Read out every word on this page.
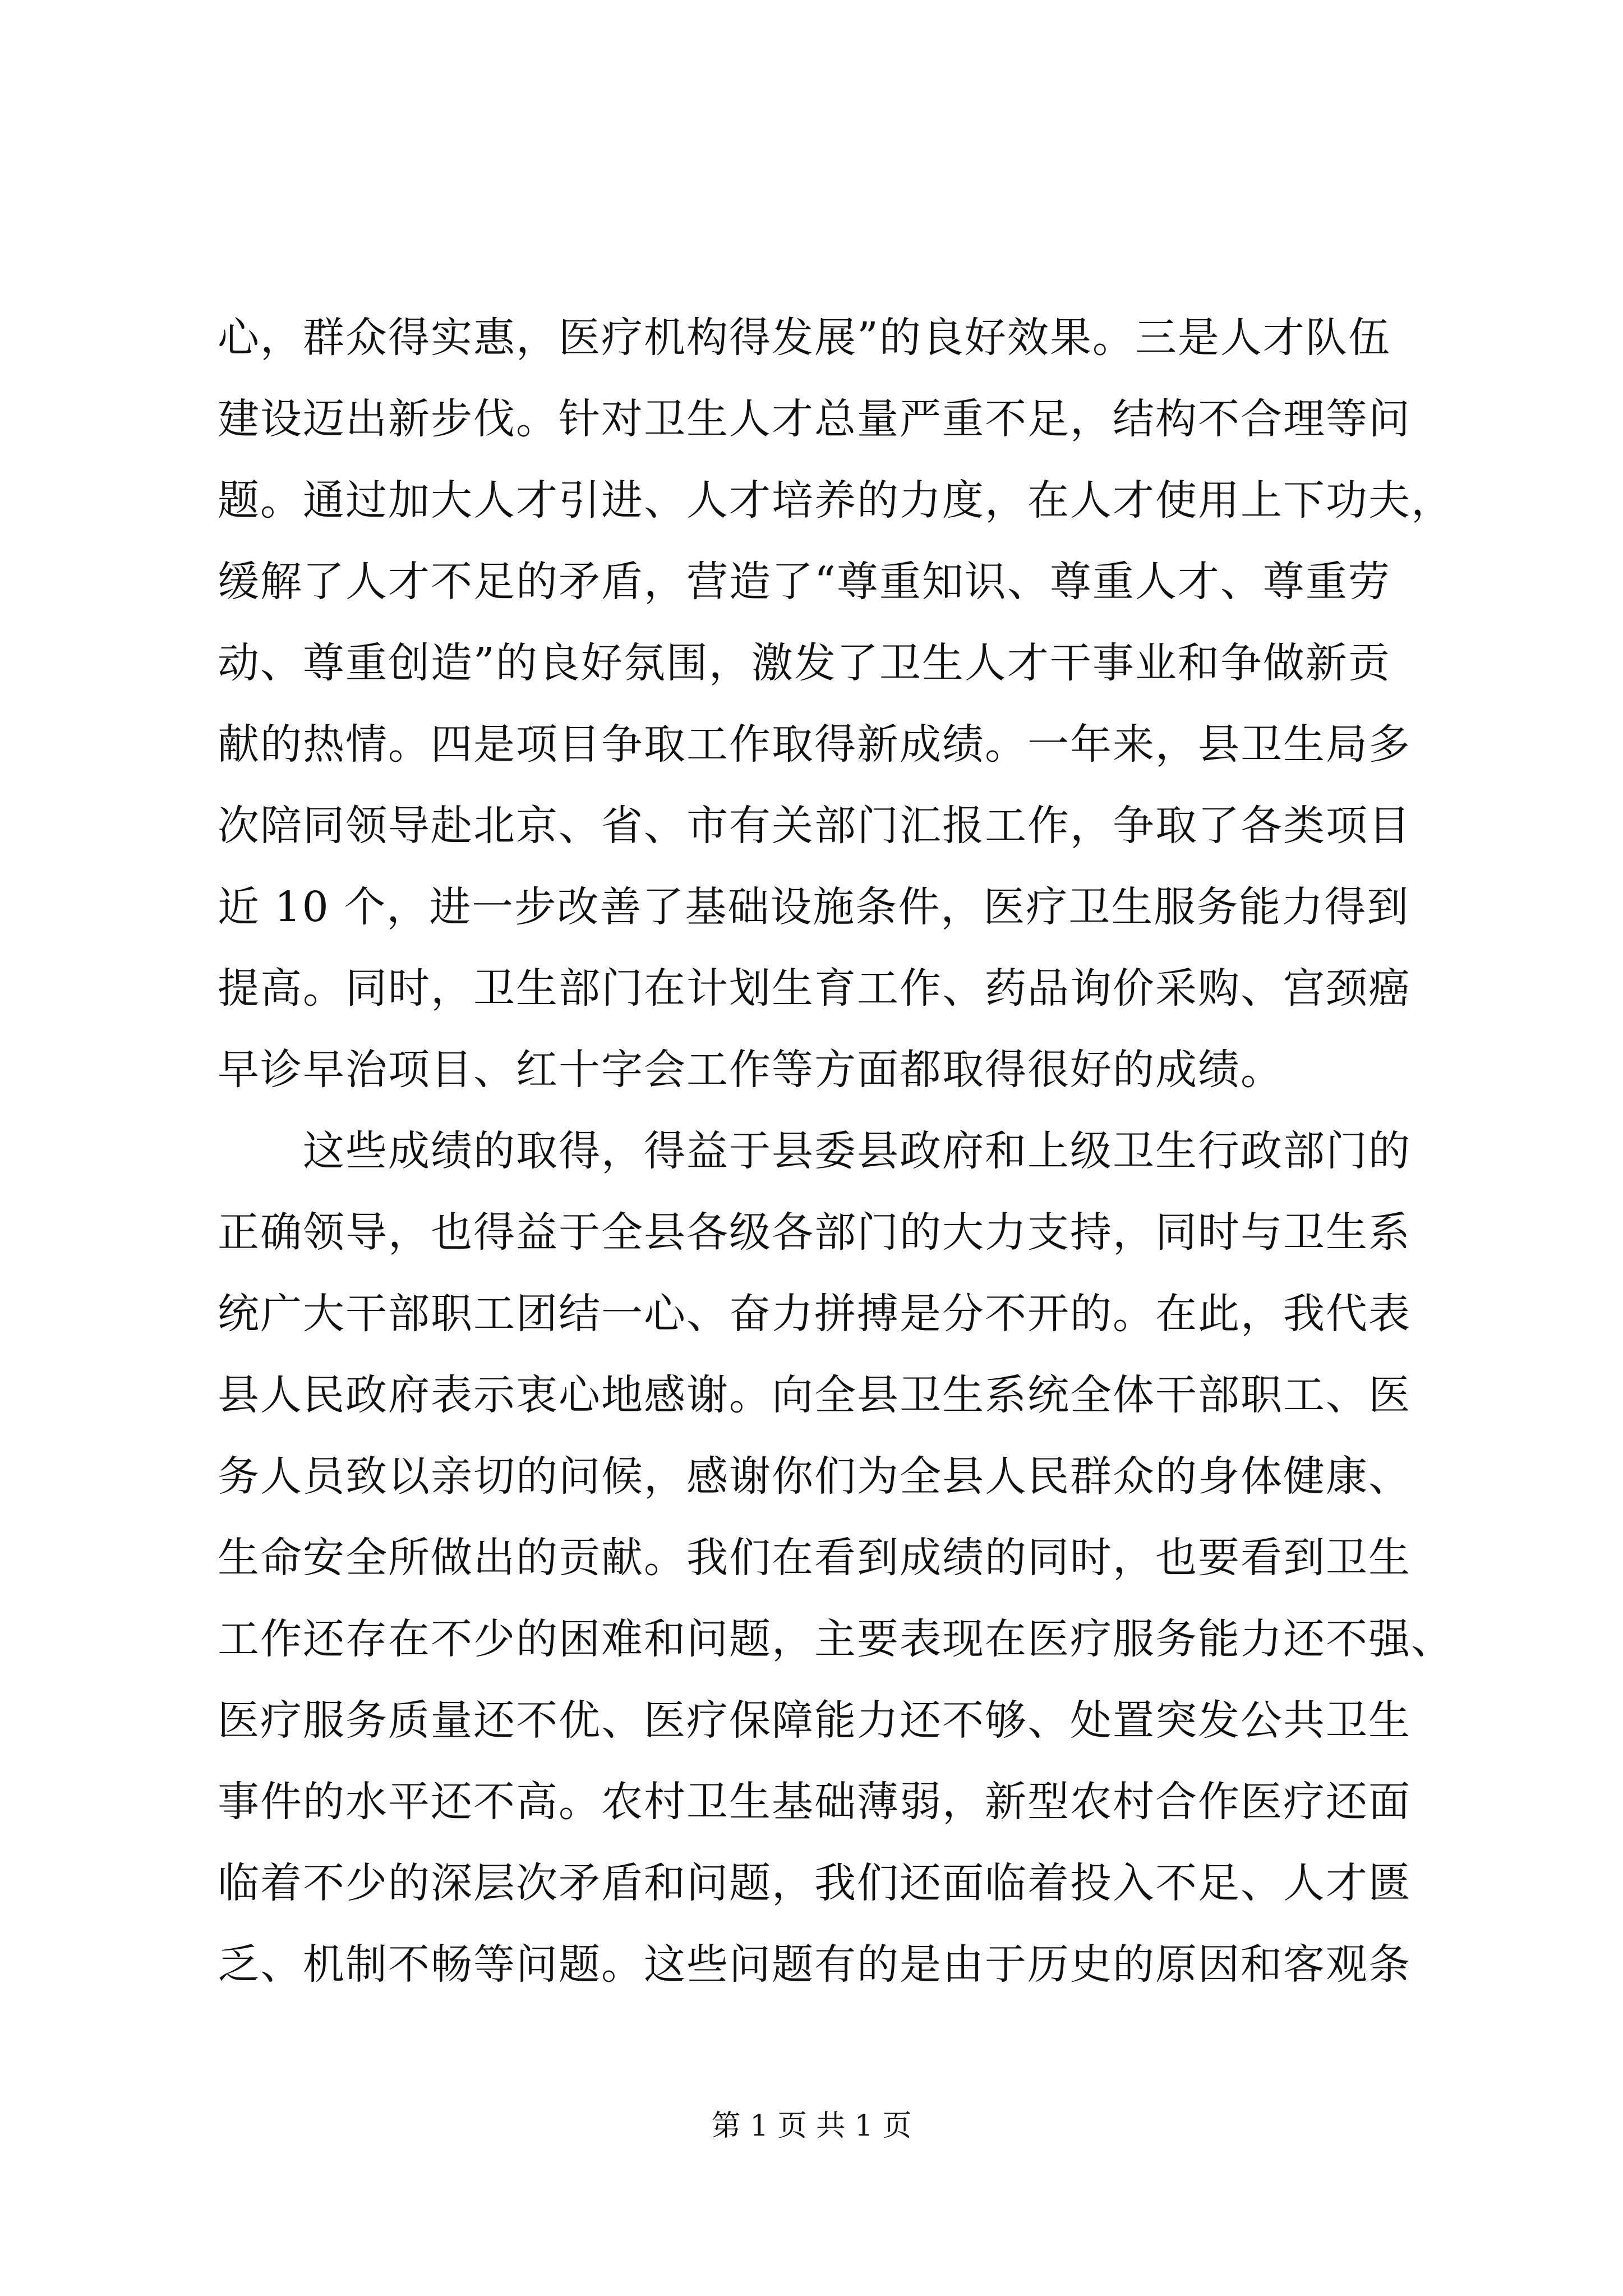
心，群众得实惠，医疗机构得发展”的良好效果。三是人才队伍
建设迈出新步伐。针对卫生人才总量严重不足，结构不合理等问
题。通过加大人才引进、人才培养的力度，在人才使用上下功夫，
缓解了人才不足的矛盾，营造了“尊重知识、尊重人才、尊重劳
动、尊重创造”的良好氛围，激发了卫生人才干事业和争做新贡
献的热情。四是项目争取工作取得新成绩。一年来，县卫生局多
次陪同领导赴北京、省、市有关部门汇报工作，争取了各类项目
近 10 个，进一步改善了基础设施条件，医疗卫生服务能力得到
提高。同时，卫生部门在计划生育工作、药品询价采购、宫颈癌
早诊早治项目、红十字会工作等方面都取得很好的成绩。
　　这些成绩的取得，得益于县委县政府和上级卫生行政部门的
正确领导，也得益于全县各级各部门的大力支持，同时与卫生系
统广大干部职工团结一心、奋力拼搏是分不开的。在此，我代表
县人民政府表示衷心地感谢。向全县卫生系统全体干部职工、医
务人员致以亲切的问候，感谢你们为全县人民群众的身体健康、
生命安全所做出的贡献。我们在看到成绩的同时，也要看到卫生
工作还存在不少的困难和问题，主要表现在医疗服务能力还不强、
医疗服务质量还不优、医疗保障能力还不够、处置突发公共卫生
事件的水平还不高。农村卫生基础薄弱，新型农村合作医疗还面
临着不少的深层次矛盾和问题，我们还面临着投入不足、人才匮
乏、机制不畅等问题。这些问题有的是由于历史的原因和客观条
第 1 页 共 1 页
